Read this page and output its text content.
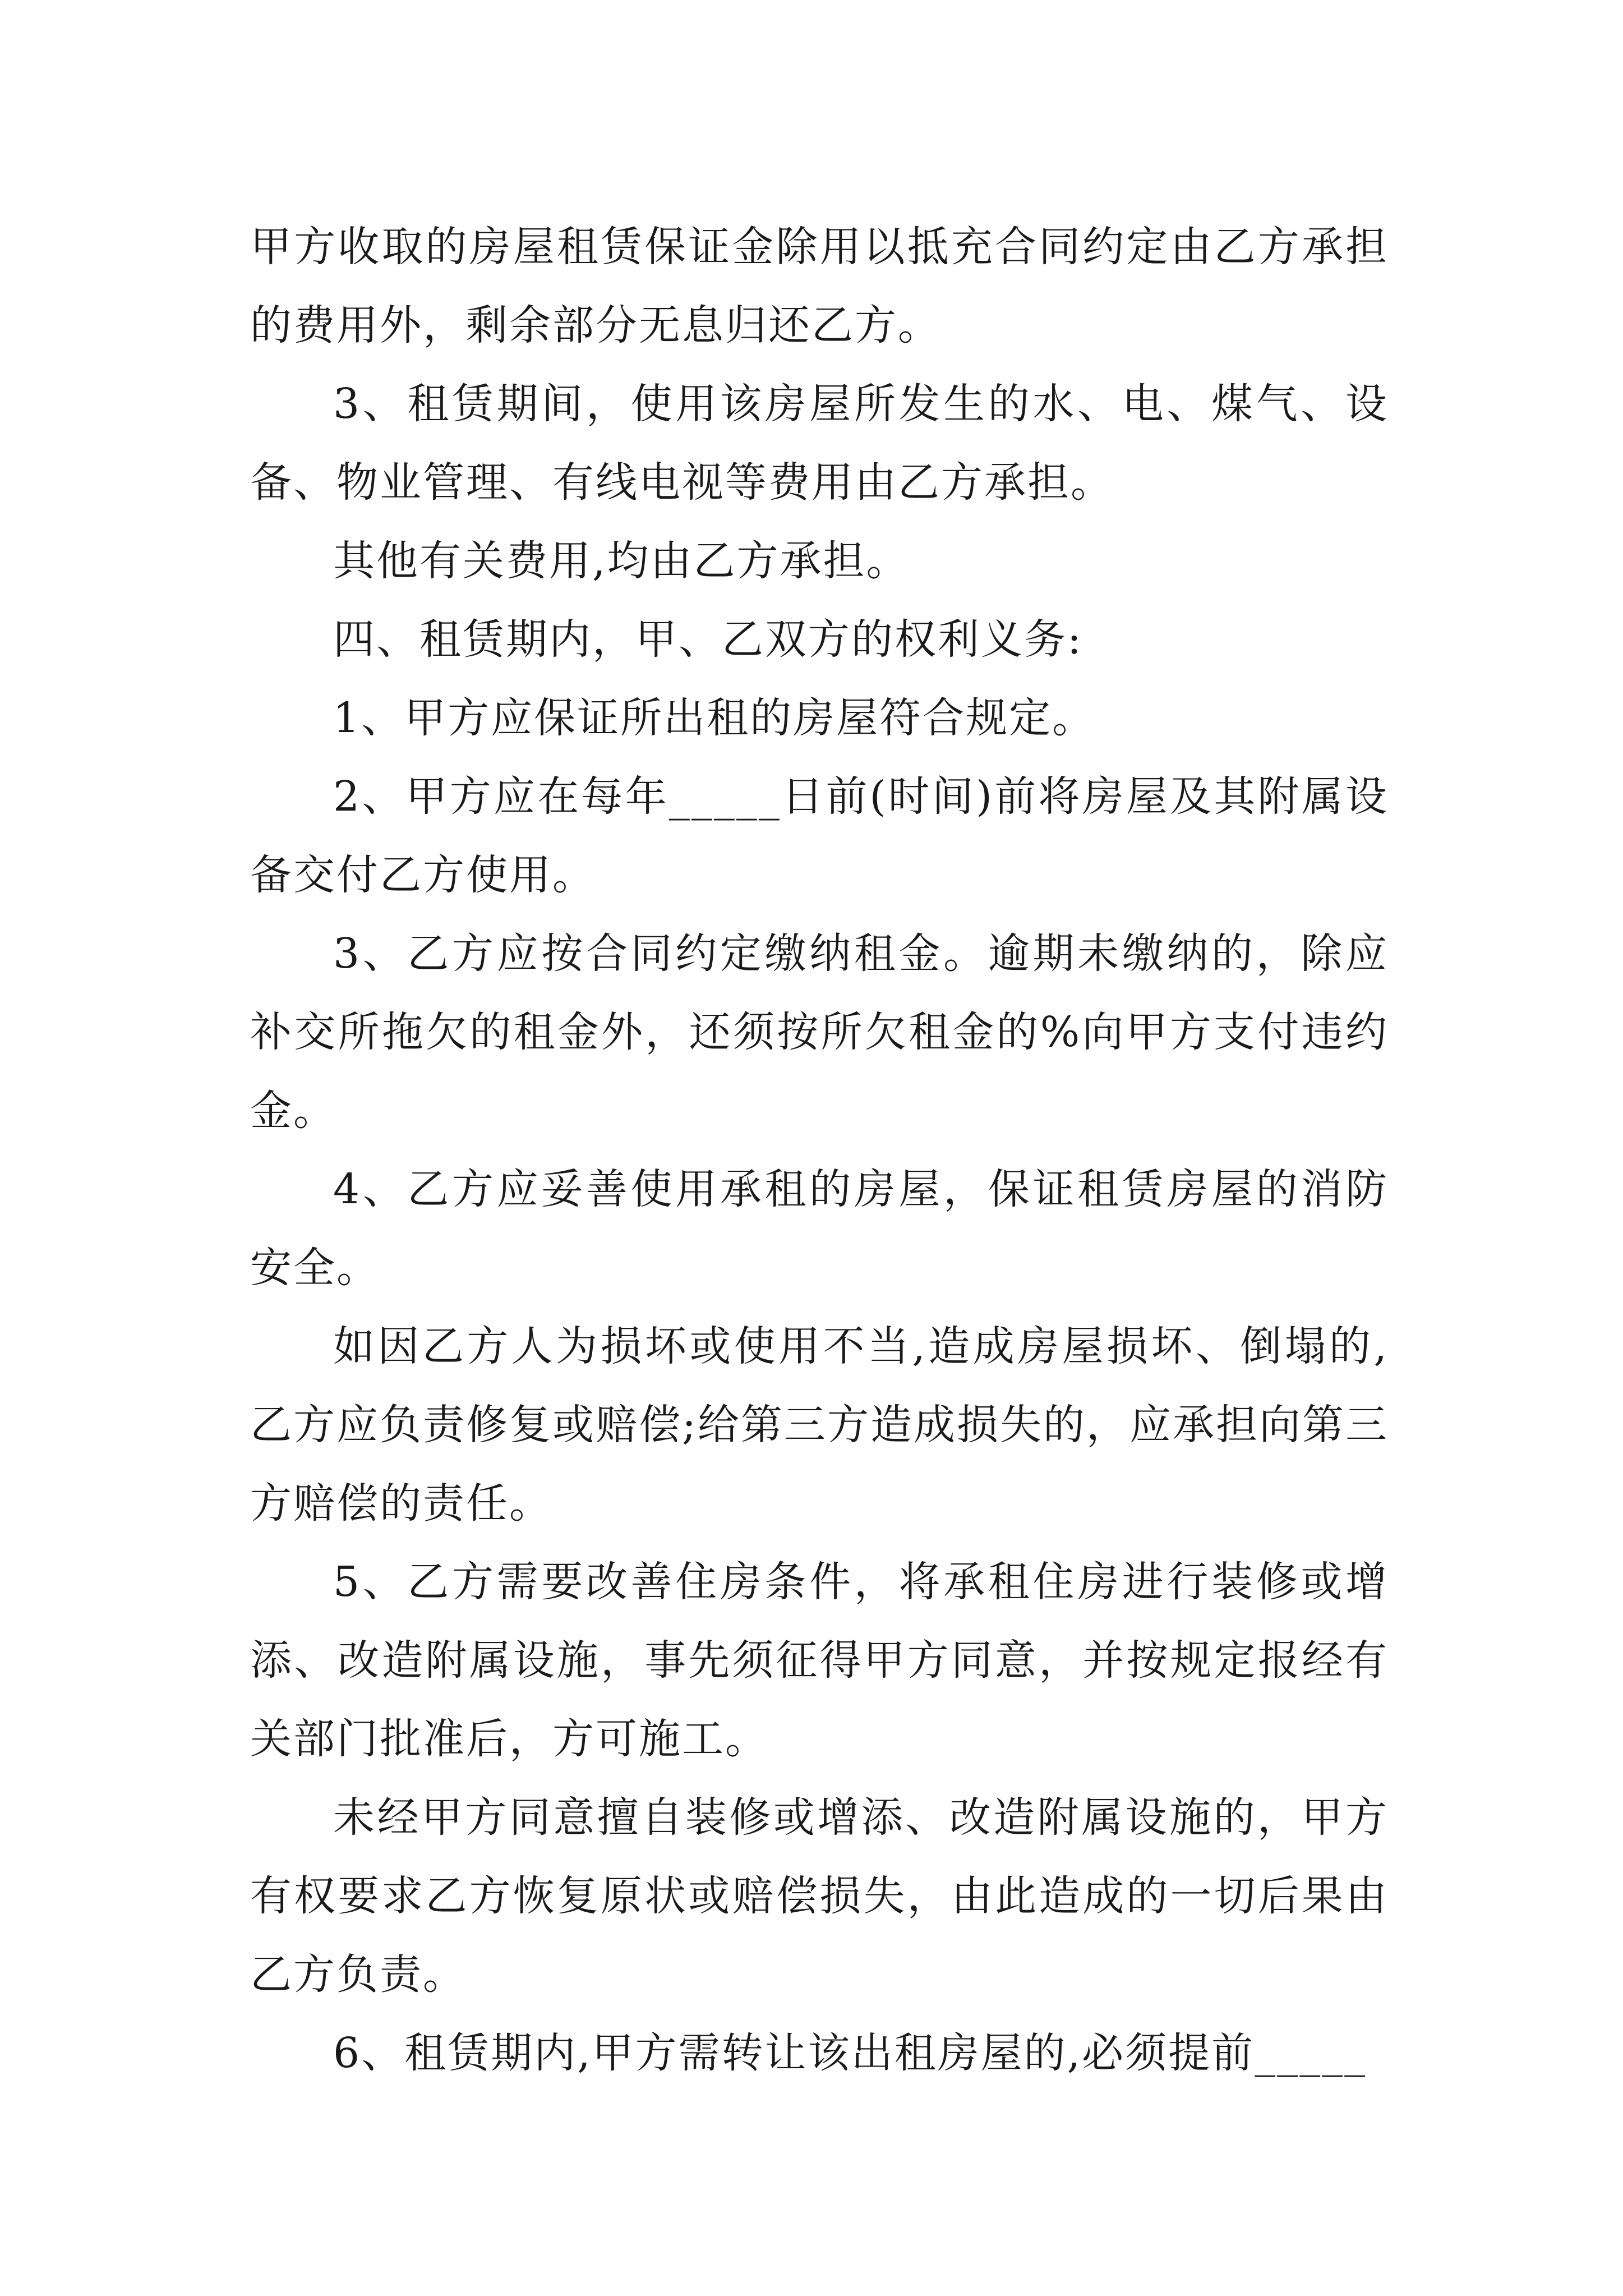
甲方收取的房屋租赁保证金除用以抵充合同约定由乙方承担的费用外，剩余部分无息归还乙方。

3、租赁期间，使用该房屋所发生的水、电、煤气、设备、物业管理、有线电视等费用由乙方承担。

其他有关费用,均由乙方承担。

四、租赁期内，甲、乙双方的权利义务:

1、甲方应保证所出租的房屋符合规定。

2、甲方应在每年_____日前(时间)前将房屋及其附属设备交付乙方使用。

3、乙方应按合同约定缴纳租金。逾期未缴纳的，除应补交所拖欠的租金外，还须按所欠租金的%向甲方支付违约金。

4、乙方应妥善使用承租的房屋，保证租赁房屋的消防安全。

如因乙方人为损坏或使用不当,造成房屋损坏、倒塌的,乙方应负责修复或赔偿;给第三方造成损失的，应承担向第三方赔偿的责任。

5、乙方需要改善住房条件，将承租住房进行装修或增添、改造附属设施，事先须征得甲方同意，并按规定报经有关部门批准后，方可施工。

未经甲方同意擅自装修或增添、改造附属设施的，甲方有权要求乙方恢复原状或赔偿损失，由此造成的一切后果由乙方负责。

6、租赁期内,甲方需转让该出租房屋的,必须提前_____
